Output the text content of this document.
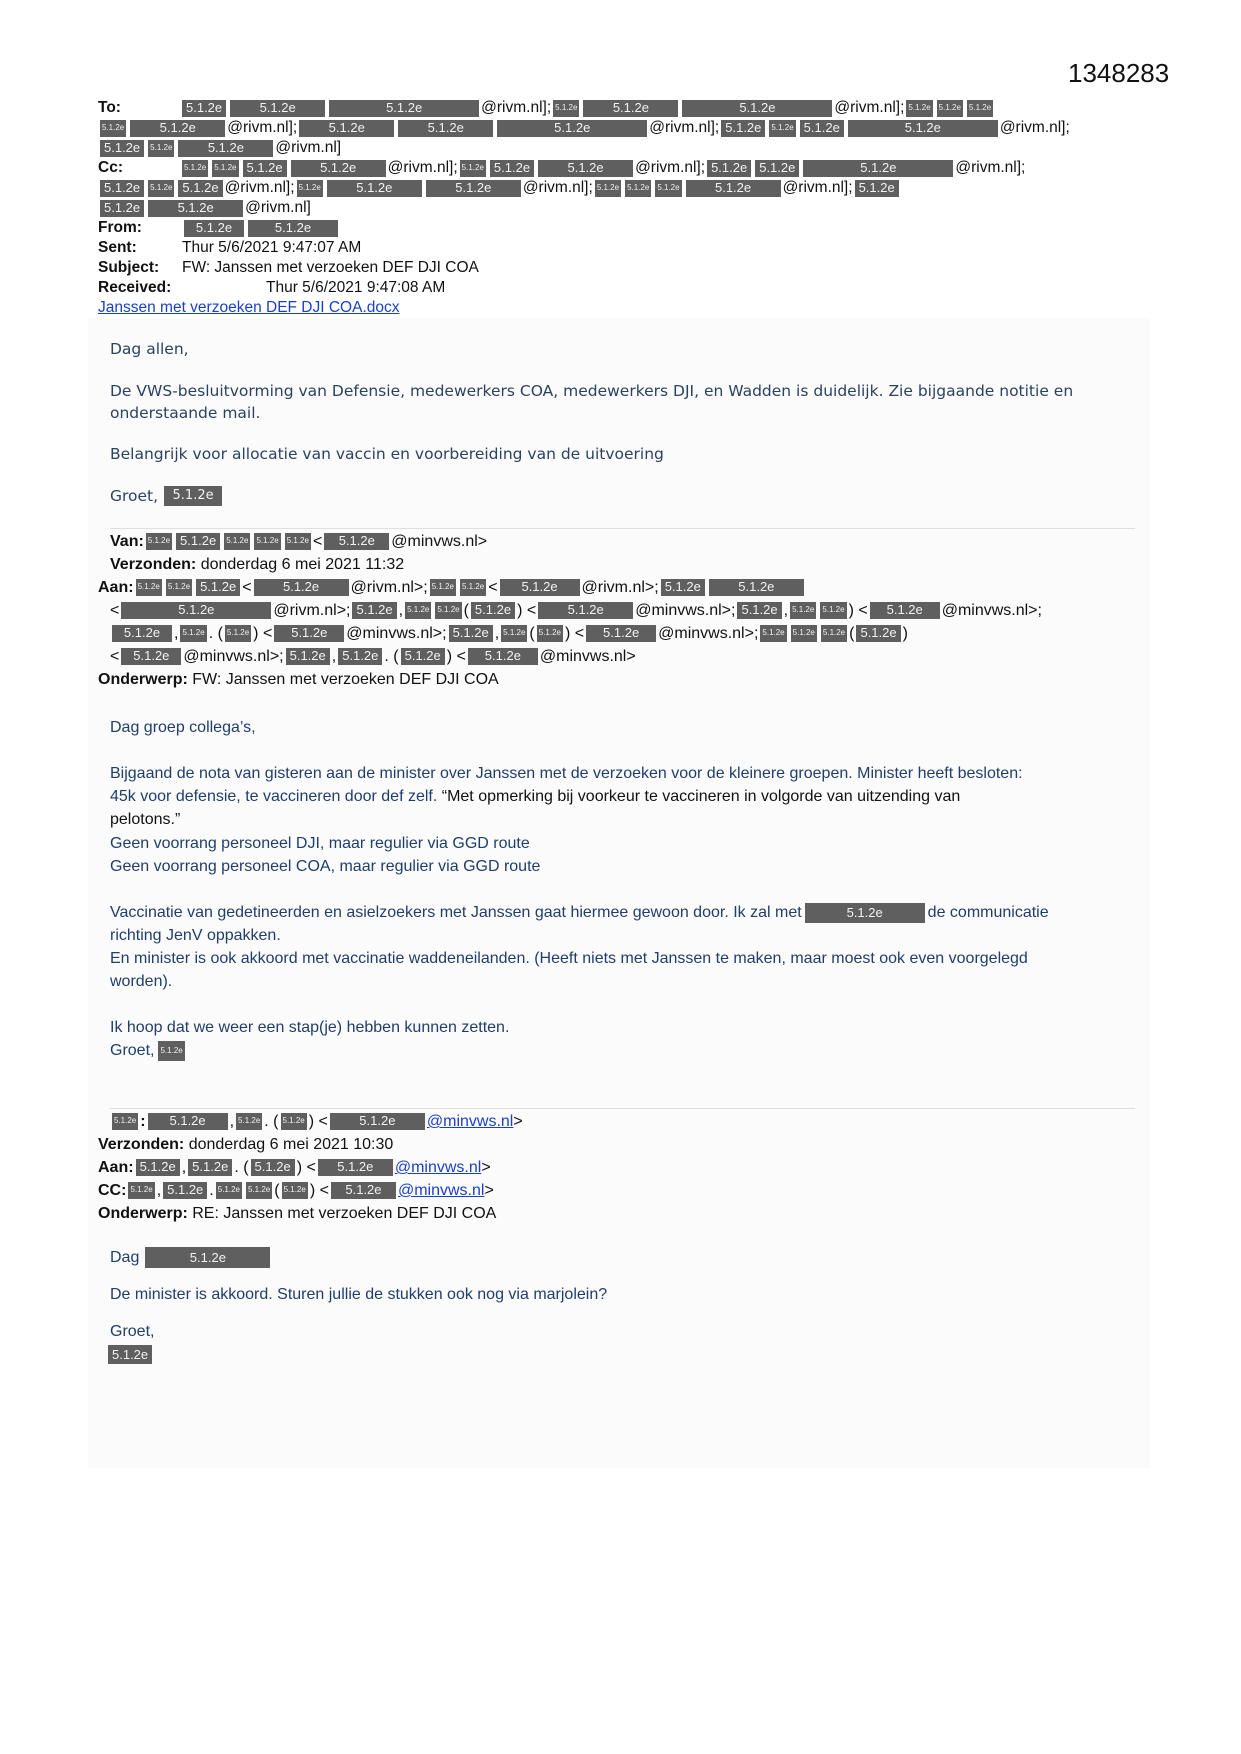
1348283
To:	5.1.2e	5.1.2e	5.1.2e	@rivm.nl]; 5.1.2e	5.1.2e	5.1.2e	@rivm.nl]; 5.1.2e 5.1.2e 5.1.2e
5.1.2e	5.1.2e	@rivm.nl];	5.1.2e	5.1.2e	5.1.2e	@rivm.nl]; 5.1.2e	5.1.2e 5.1.2e	5.1.2e	@rivm.nl];
5.1.2e	5.1.2e	5.1.2e	@rivm.nl]
Cc:	5.1.2e 5.1.2e 5.1.2e	5.1.2e	@rivm.nl]; 5.1.2e 5.1.2e	5.1.2e	@rivm.nl]; 5.1.2e 5.1.2e	5.1.2e	@rivm.nl];
5.1.2e	5.1.2e 5.1.2e @rivm.nl]; 5.1.2e	5.1.2e	5.1.2e	@rivm.nl]; 5.1.2e 5.1.2e 5.1.2e	5.1.2e	@rivm.nl]; 5.1.2e
5.1.2e	5.1.2e	@rivm.nl]
From:	5.1.2e	5.1.2e
Sent:	Thur 5/6/2021 9:47:07 AM
Subject:	FW: Janssen met verzoeken DEF DJI COA
Received:	Thur 5/6/2021 9:47:08 AM
Janssen met verzoeken DEF DJI COA.docx
Dag allen,
De VWS-besluitvorming van Defensie, medewerkers COA, medewerkers DJI, en Wadden is duidelijk. Zie bijgaande notitie en onderstaande mail.
Belangrijk voor allocatie van vaccin en voorbereiding van de uitvoering
Groet,	5.1.2e
Van: 5.1.2e 5.1.2e	5.1.2e 5.1.2e 5.1.2e <	5.1.2e	@minvws.nl>
Verzonden: donderdag 6 mei 2021 11:32
Aan: 5.1.2e 5.1.2e 5.1.2e <	5.1.2e	@rivm.nl>; 5.1.2e 5.1.2e <	5.1.2e	@rivm.nl>; 5.1.2e	5.1.2e
<	5.1.2e	@rivm.nl>; 5.1.2e , 5.1.2e 5.1.2e ( 5.1.2e ) <	5.1.2e	@minvws.nl>; 5.1.2e , 5.1.2e 5.1.2e ) <	5.1.2e	@minvws.nl>;
5.1.2e , 5.1.2e . ( 5.1.2e ) <	5.1.2e	@minvws.nl>; 5.1.2e , 5.1.2e ( 5.1.2e ) <	5.1.2e	@minvws.nl>; 5.1.2e 5.1.2e 5.1.2e ( 5.1.2e )
<	5.1.2e @minvws.nl>; 5.1.2e , 5.1.2e . ( 5.1.2e ) <	5.1.2e	@minvws.nl>
Onderwerp: FW: Janssen met verzoeken DEF DJI COA
Dag groep collega’s,
Bijgaand de nota van gisteren aan de minister over Janssen met de verzoeken voor de kleinere groepen. Minister heeft besloten:
45k voor defensie, te vaccineren door def zelf. “Met opmerking bij voorkeur te vaccineren in volgorde van uitzending van
pelotons.”
Geen voorrang personeel DJI, maar regulier via GGD route
Geen voorrang personeel COA, maar regulier via GGD route
Vaccinatie van gedetineerden en asielzoekers met Janssen gaat hiermee gewoon door. Ik zal met	5.1.2e	de communicatie
richting JenV oppakken.
En minister is ook akkoord met vaccinatie waddeneilanden. (Heeft niets met Janssen te maken, maar moest ook even voorgelegd
worden).
Ik hoop dat we weer een stap(je) hebben kunnen zetten.
Groet, 5.1.2e
5.1.2e :	5.1.2e	, 5.1.2e . ( 5.1.2e ) <	5.1.2e	@minvws.nl >
Verzonden: donderdag 6 mei 2021 10:30
Aan: 5.1.2e , 5.1.2e . ( 5.1.2e ) <	5.1.2e	@minvws.nl >
CC: 5.1.2e , 5.1.2e . 5.1.2e 5.1.2e ( 5.1.2e ) <	5.1.2e	@minvws.nl >
Onderwerp: RE: Janssen met verzoeken DEF DJI COA
Dag	5.1.2e
De minister is akkoord. Sturen jullie de stukken ook nog via marjolein?
Groet,
5.1.2e
